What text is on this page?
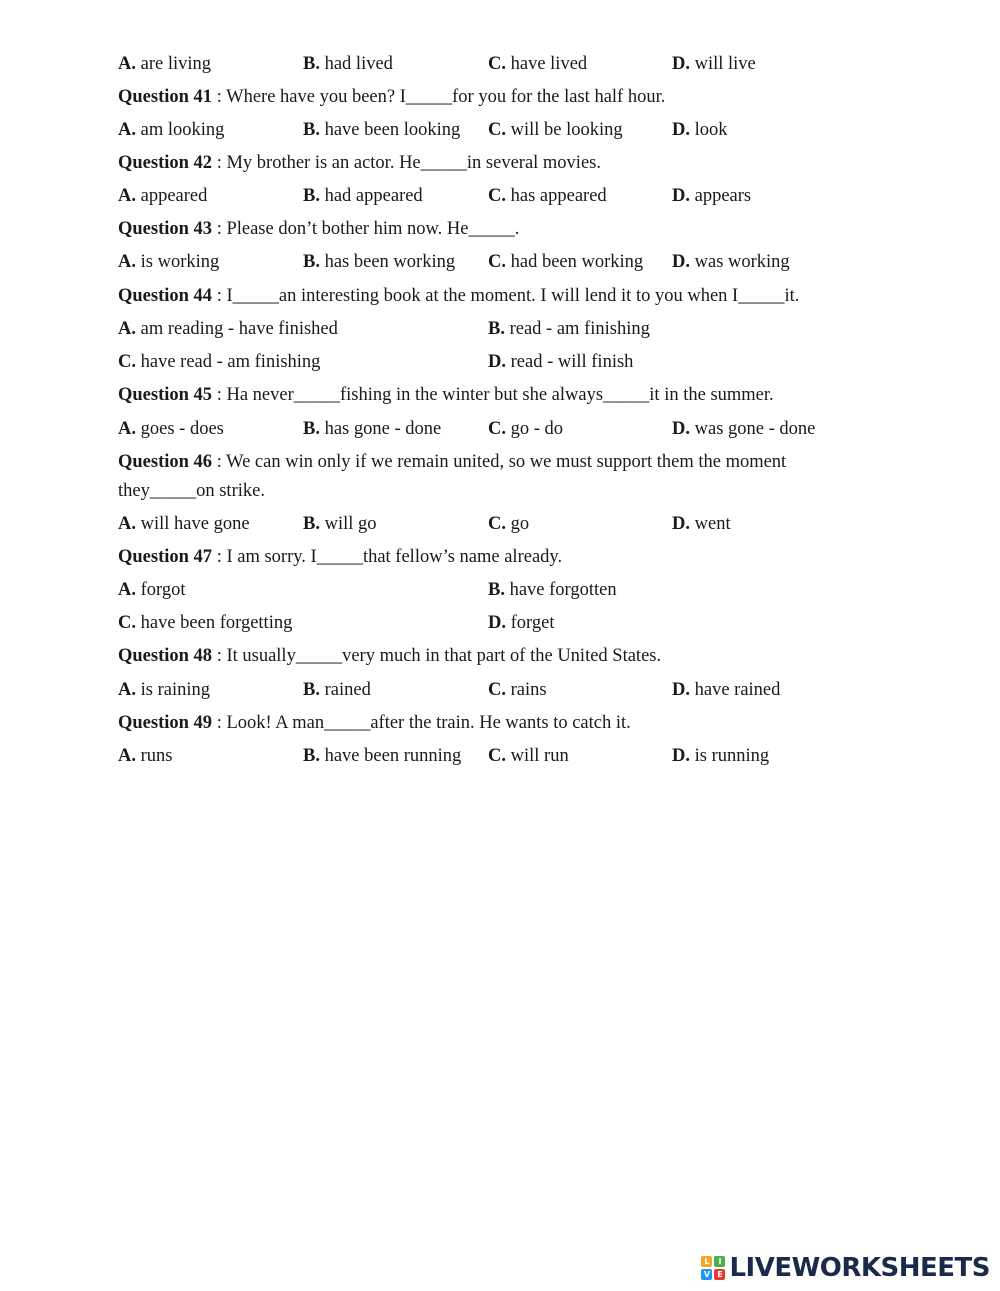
A. are living	B. had lived	C. have lived	D. will live
Question 41 : Where have you been? I_____for you for the last half hour.
A. am looking	B. have been looking C. will be looking	D. look
Question 42 : My brother is an actor. He_____in several movies.
A. appeared	B. had appeared	C. has appeared	D. appears
Question 43 : Please don’t bother him now. He_____.
A. is working	B. has been working C. had been working D. was working
Question 44 : I_____an interesting book at the moment. I will lend it to you when I_____it.
A. am reading - have finished	B. read - am finishing
C. have read - am finishing	D. read - will finish
Question 45 : Ha never_____fishing in the winter but she always_____it in the summer.
A. goes - does	B. has gone - done	C. go - do	D. was gone - done
Question 46 : We can win only if we remain united, so we must support them the moment
they_____on strike.
A. will have gone	B. will go	C. go	D. went
Question 47 : I am sorry. I_____that fellow’s name already.
A. forgot	B. have forgotten
C. have been forgetting	D. forget
Question 48 : It usually_____very much in that part of the United States.
A. is raining	B. rained	C. rains	D. have rained
Question 49 : Look! A man_____after the train. He wants to catch it.
A. runs	B. have been running C. will run	D. is running
L	I
V E LIVEWORKSHEETS
